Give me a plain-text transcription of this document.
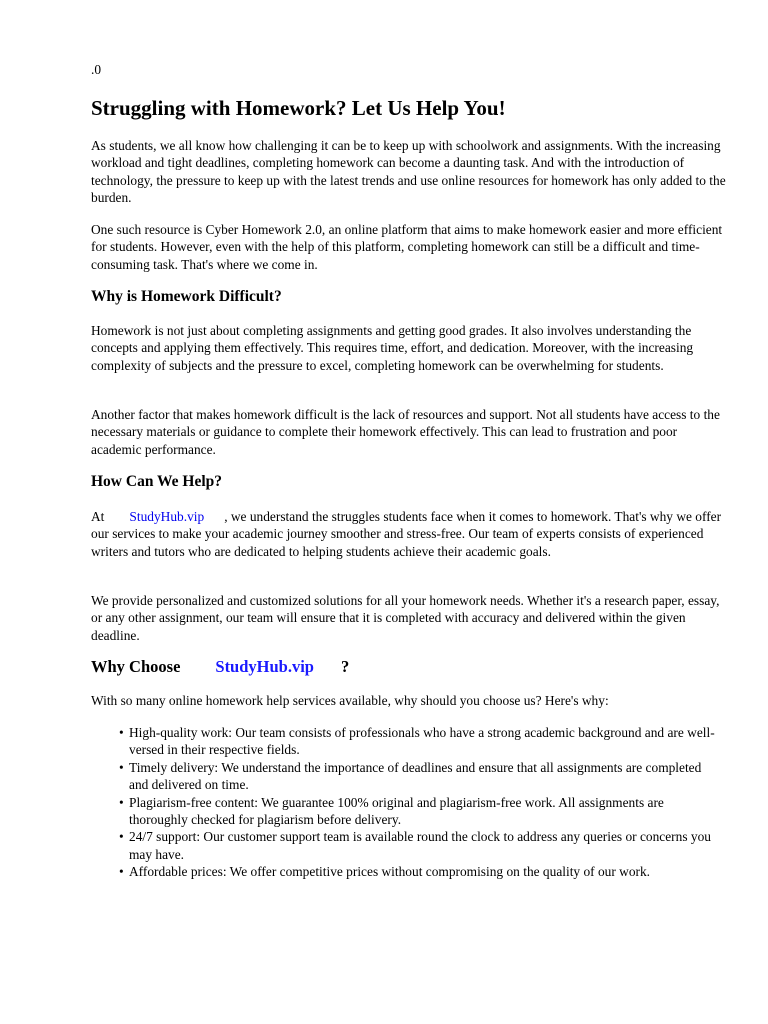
.0
Struggling with Homework? Let Us Help You!
As students, we all know how challenging it can be to keep up with schoolwork and assignments. With the increasing workload and tight deadlines, completing homework can become a daunting task. And with the introduction of technology, the pressure to keep up with the latest trends and use online resources for homework has only added to the burden.
One such resource is Cyber Homework 2.0, an online platform that aims to make homework easier and more efficient for students. However, even with the help of this platform, completing homework can still be a difficult and time-consuming task. That's where we come in.
Why is Homework Difficult?
Homework is not just about completing assignments and getting good grades. It also involves understanding the concepts and applying them effectively. This requires time, effort, and dedication. Moreover, with the increasing complexity of subjects and the pressure to excel, completing homework can be overwhelming for students.
Another factor that makes homework difficult is the lack of resources and support. Not all students have access to the necessary materials or guidance to complete their homework effectively. This can lead to frustration and poor academic performance.
How Can We Help?
At StudyHub.vip , we understand the struggles students face when it comes to homework. That's why we offer our services to make your academic journey smoother and stress-free. Our team of experts consists of experienced writers and tutors who are dedicated to helping students achieve their academic goals.
We provide personalized and customized solutions for all your homework needs. Whether it's a research paper, essay, or any other assignment, our team will ensure that it is completed with accuracy and delivered within the given deadline.
Why Choose StudyHub.vip ?
With so many online homework help services available, why should you choose us? Here's why:
• High-quality work: Our team consists of professionals who have a strong academic background and are well-versed in their respective fields.
• Timely delivery: We understand the importance of deadlines and ensure that all assignments are completed and delivered on time.
• Plagiarism-free content: We guarantee 100% original and plagiarism-free work. All assignments are thoroughly checked for plagiarism before delivery.
• 24/7 support: Our customer support team is available round the clock to address any queries or concerns you may have.
• Affordable prices: We offer competitive prices without compromising on the quality of our work.
